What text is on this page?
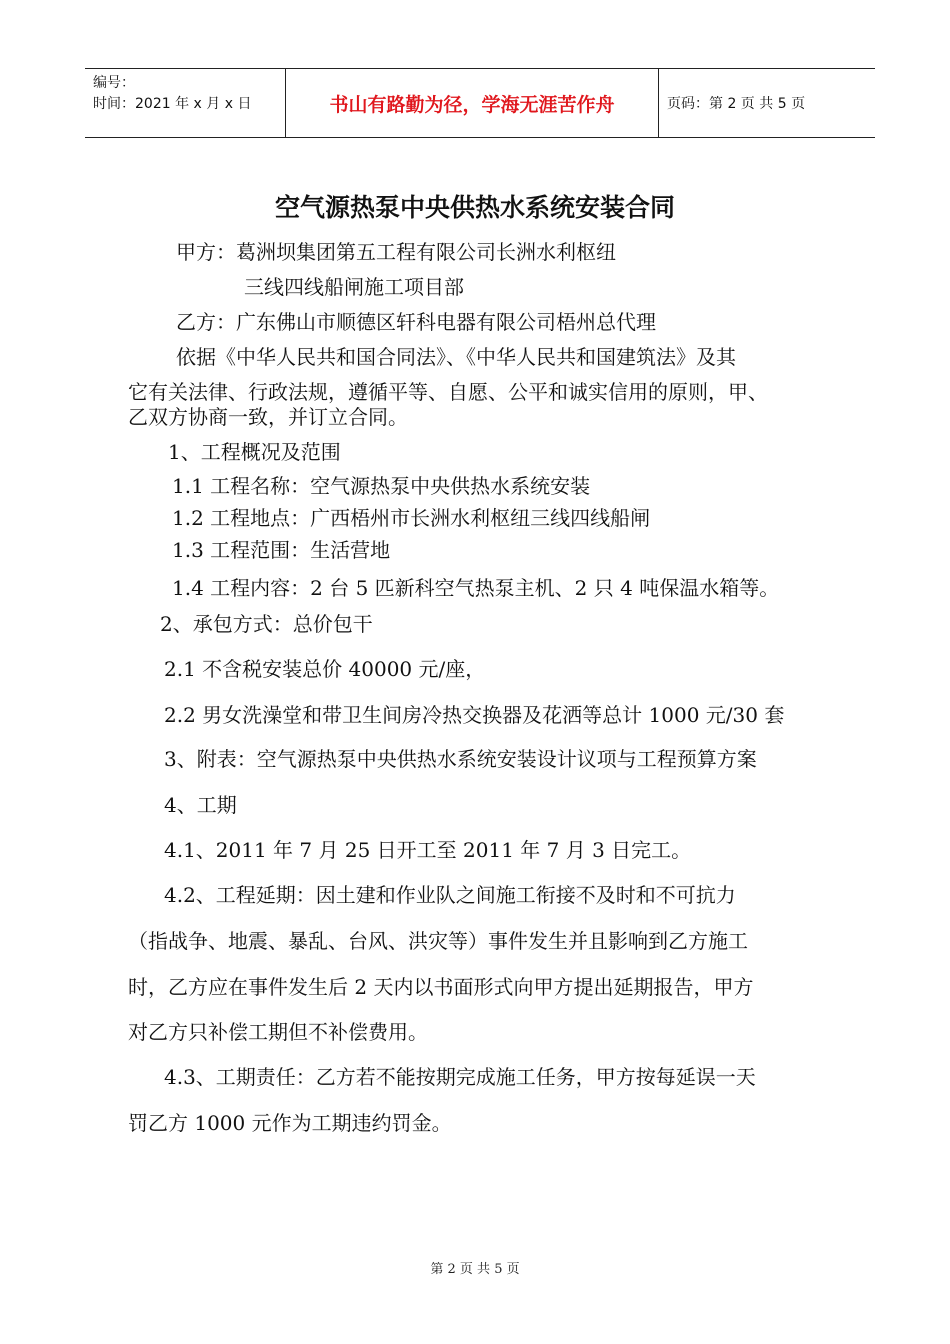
编号：
时间：2021 年 x 月 x 日	书山有路勤为径，学海无涯苦作舟	页码：第 2 页 共 5 页
空气源热泵中央供热水系统安装合同
甲方：葛洲坝集团第五工程有限公司长洲水利枢纽
三线四线船闸施工项目部
乙方：广东佛山市顺德区轩科电器有限公司梧州总代理
依据《中华人民共和国合同法》、《中华人民共和国建筑法》及其
它有关法律、行政法规，遵循平等、自愿、公平和诚实信用的原则，甲、
乙双方协商一致，并订立合同。
1、工程概况及范围
1.1 工程名称：空气源热泵中央供热水系统安装
1.2 工程地点：广西梧州市长洲水利枢纽三线四线船闸
1.3 工程范围：生活营地
1.4 工程内容：2 台 5 匹新科空气热泵主机、2 只 4 吨保温水箱等。
2、承包方式：总价包干
2.1 不含税安装总价 40000 元/座，
2.2 男女洗澡堂和带卫生间房冷热交换器及花洒等总计 1000 元/30 套
3、附表：空气源热泵中央供热水系统安装设计议项与工程预算方案
4、工期
4.1、2011 年 7 月 25 日开工至 2011 年 7 月 3 日完工。
4.2、工程延期：因土建和作业队之间施工衔接不及时和不可抗力
（指战争、地震、暴乱、台风、洪灾等）事件发生并且影响到乙方施工
时，乙方应在事件发生后 2 天内以书面形式向甲方提出延期报告，甲方
对乙方只补偿工期但不补偿费用。
4.3、工期责任：乙方若不能按期完成施工任务，甲方按每延误一天
罚乙方 1000 元作为工期违约罚金。
第 2 页 共 5 页
